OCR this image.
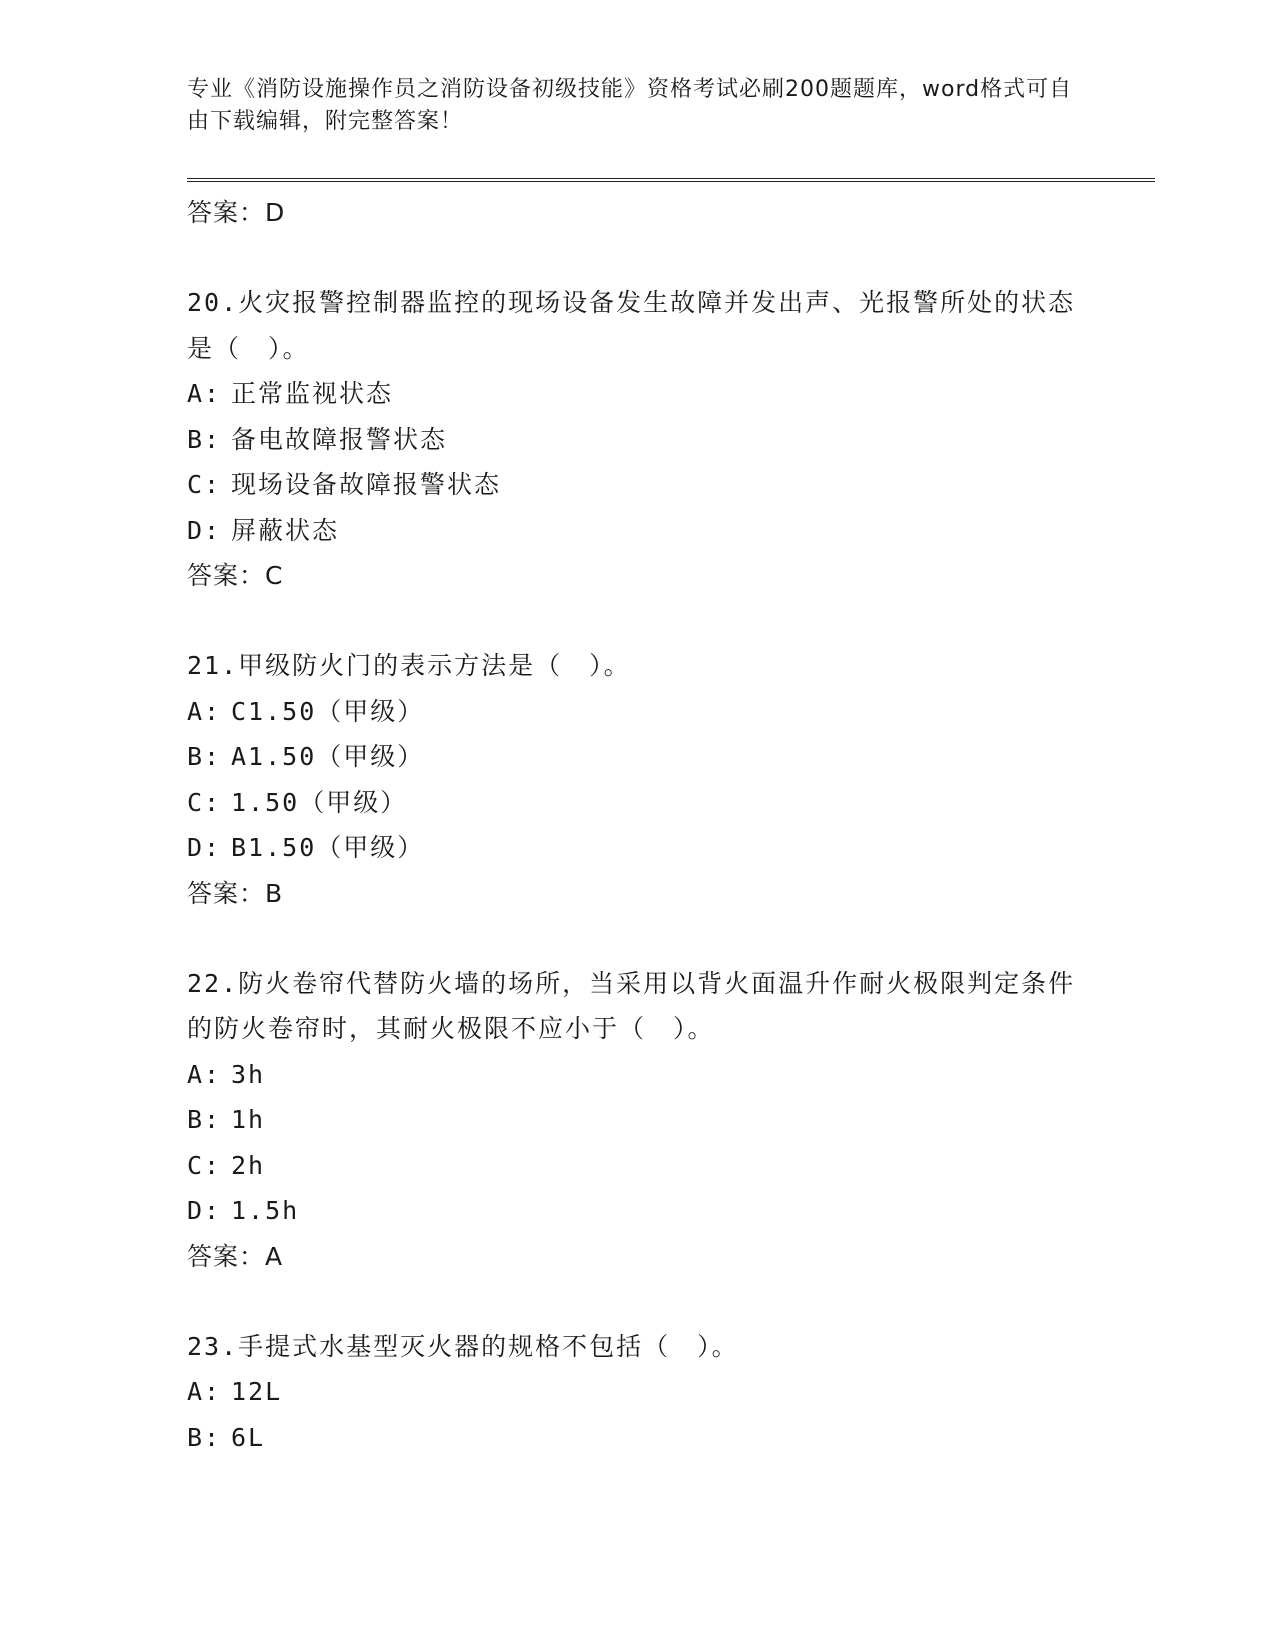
专业《消防设施操作员之消防设备初级技能》资格考试必刷200题题库，word格式可自由下载编辑，附完整答案！
答案：D
20.火灾报警控制器监控的现场设备发生故障并发出声、光报警所处的状态是（　）。
A: 正常监视状态
B: 备电故障报警状态
C: 现场设备故障报警状态
D: 屏蔽状态
答案：C
21.甲级防火门的表示方法是（　）。
A: C1.50（甲级）
B: A1.50（甲级）
C: 1.50（甲级）
D: B1.50（甲级）
答案：B
22.防火卷帘代替防火墙的场所，当采用以背火面温升作耐火极限判定条件的防火卷帘时，其耐火极限不应小于（　）。
A: 3h
B: 1h
C: 2h
D: 1.5h
答案：A
23.手提式水基型灭火器的规格不包括（　）。
A: 12L
B: 6L
